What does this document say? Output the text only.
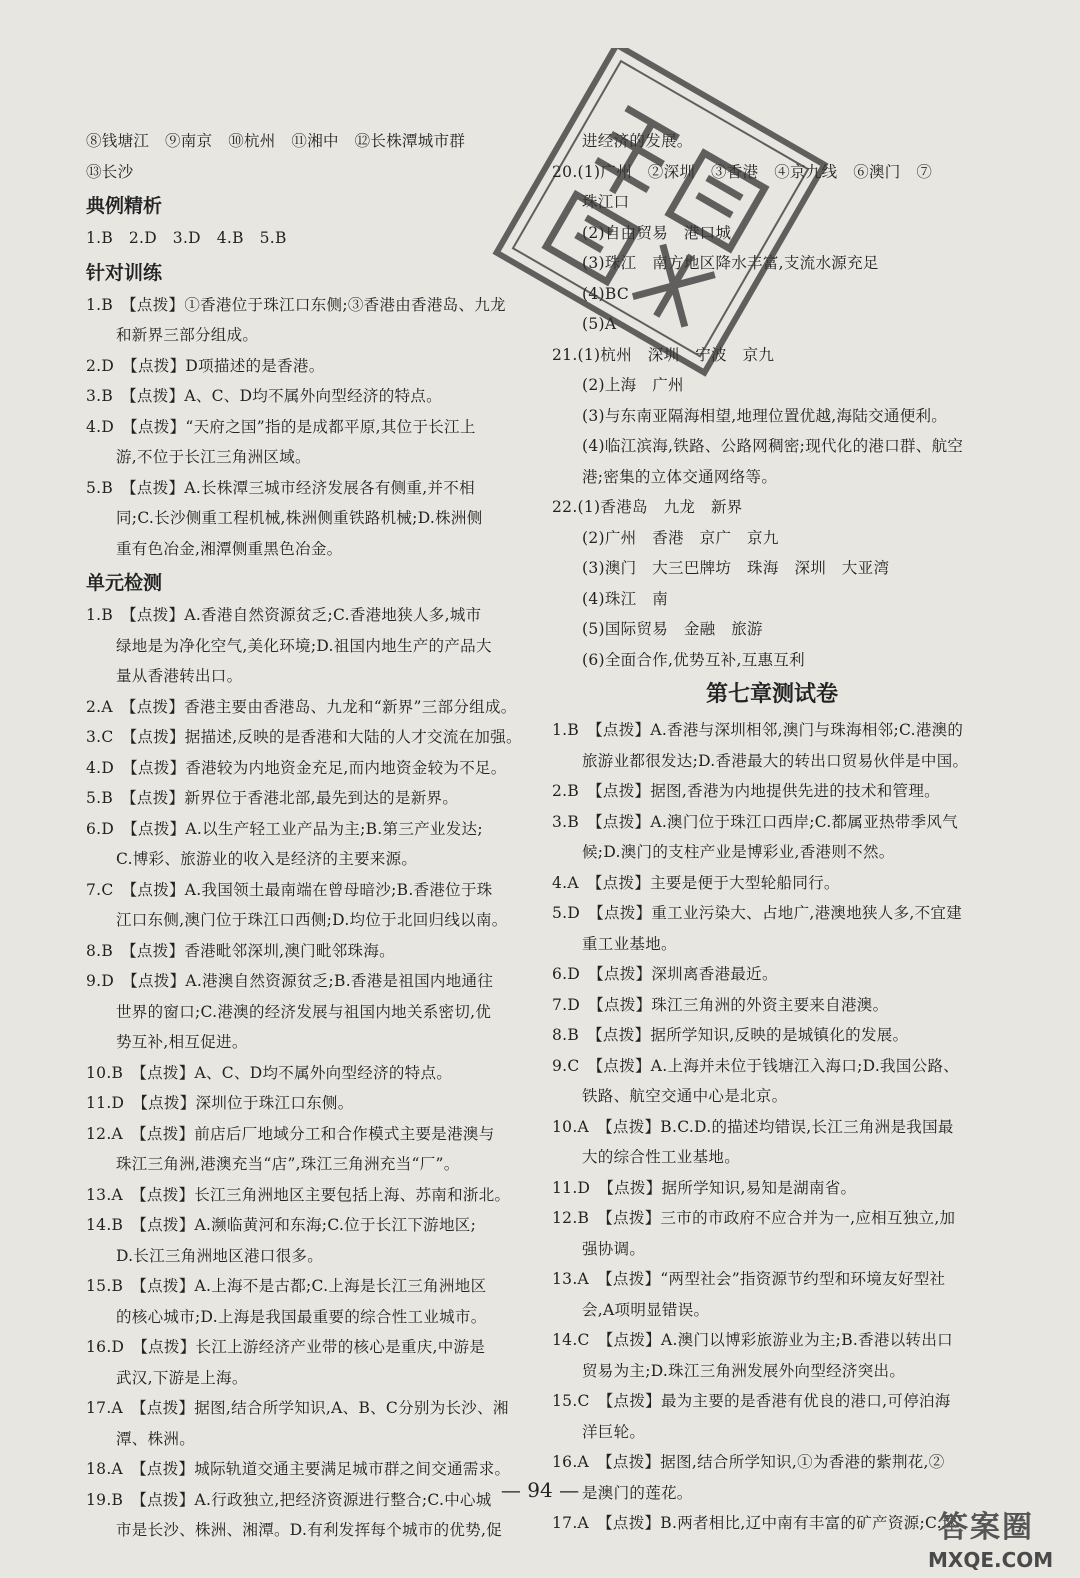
⑧钱塘江　⑨南京　⑩杭州　⑪湘中　⑫长株潭城市群
⑬长沙
典例精析
1.B　2.D　3.D　4.B　5.B
针对训练
1.B　【点拨】①香港位于珠江口东侧;③香港由香港岛、九龙
和新界三部分组成。
2.D　【点拨】D项描述的是香港。
3.B　【点拨】A、C、D均不属外向型经济的特点。
4.D　【点拨】“天府之国”指的是成都平原,其位于长江上
游,不位于长江三角洲区域。
5.B　【点拨】A.长株潭三城市经济发展各有侧重,并不相
同;C.长沙侧重工程机械,株洲侧重铁路机械;D.株洲侧
重有色冶金,湘潭侧重黑色冶金。
单元检测
1.B　【点拨】A.香港自然资源贫乏;C.香港地狭人多,城市
绿地是为净化空气,美化环境;D.祖国内地生产的产品大
量从香港转出口。
2.A　【点拨】香港主要由香港岛、九龙和“新界”三部分组成。
3.C　【点拨】据描述,反映的是香港和大陆的人才交流在加强。
4.D　【点拨】香港较为内地资金充足,而内地资金较为不足。
5.B　【点拨】新界位于香港北部,最先到达的是新界。
6.D　【点拨】A.以生产轻工业产品为主;B.第三产业发达;
C.博彩、旅游业的收入是经济的主要来源。
7.C　【点拨】A.我国领土最南端在曾母暗沙;B.香港位于珠
江口东侧,澳门位于珠江口西侧;D.均位于北回归线以南。
8.B　【点拨】香港毗邻深圳,澳门毗邻珠海。
9.D　【点拨】A.港澳自然资源贫乏;B.香港是祖国内地通往
世界的窗口;C.港澳的经济发展与祖国内地关系密切,优
势互补,相互促进。
10.B　【点拨】A、C、D均不属外向型经济的特点。
11.D　【点拨】深圳位于珠江口东侧。
12.A　【点拨】前店后厂地域分工和合作模式主要是港澳与
珠江三角洲,港澳充当“店”,珠江三角洲充当“厂”。
13.A　【点拨】长江三角洲地区主要包括上海、苏南和浙北。
14.B　【点拨】A.濒临黄河和东海;C.位于长江下游地区;
D.长江三角洲地区港口很多。
15.B　【点拨】A.上海不是古都;C.上海是长江三角洲地区
的核心城市;D.上海是我国最重要的综合性工业城市。
16.D　【点拨】长江上游经济产业带的核心是重庆,中游是
武汉,下游是上海。
17.A　【点拨】据图,结合所学知识,A、B、C分别为长沙、湘
潭、株洲。
18.A　【点拨】城际轨道交通主要满足城市群之间交通需求。
19.B　【点拨】A.行政独立,把经济资源进行整合;C.中心城
市是长沙、株洲、湘潭。D.有利发挥每个城市的优势,促
进经济的发展。
20.(1)广州　②深圳　③香港　④京九线　⑥澳门　⑦
珠江口
(2)自由贸易　港口城
(3)珠江　南方地区降水丰富,支流水源充足
(4)BC
(5)A
21.(1)杭州　深圳　宁波　京九
(2)上海　广州
(3)与东南亚隔海相望,地理位置优越,海陆交通便利。
(4)临江滨海,铁路、公路网稠密;现代化的港口群、航空
港;密集的立体交通网络等。
22.(1)香港岛　九龙　新界
(2)广州　香港　京广　京九
(3)澳门　大三巴牌坊　珠海　深圳　大亚湾
(4)珠江　南
(5)国际贸易　金融　旅游
(6)全面合作,优势互补,互惠互利
第七章测试卷
1.B　【点拨】A.香港与深圳相邻,澳门与珠海相邻;C.港澳的
旅游业都很发达;D.香港最大的转出口贸易伙伴是中国。
2.B　【点拨】据图,香港为内地提供先进的技术和管理。
3.B　【点拨】A.澳门位于珠江口西岸;C.都属亚热带季风气
候;D.澳门的支柱产业是博彩业,香港则不然。
4.A　【点拨】主要是便于大型轮船同行。
5.D　【点拨】重工业污染大、占地广,港澳地狭人多,不宜建
重工业基地。
6.D　【点拨】深圳离香港最近。
7.D　【点拨】珠江三角洲的外资主要来自港澳。
8.B　【点拨】据所学知识,反映的是城镇化的发展。
9.C　【点拨】A.上海并未位于钱塘江入海口;D.我国公路、
铁路、航空交通中心是北京。
10.A　【点拨】B.C.D.的描述均错误,长江三角洲是我国最
大的综合性工业基地。
11.D　【点拨】据所学知识,易知是湖南省。
12.B　【点拨】三市的市政府不应合并为一,应相互独立,加
强协调。
13.A　【点拨】“两型社会”指资源节约型和环境友好型社
会,A项明显错误。
14.C　【点拨】A.澳门以博彩旅游业为主;B.香港以转出口
贸易为主;D.珠江三角洲发展外向型经济突出。
15.C　【点拨】最为主要的是香港有优良的港口,可停泊海
洋巨轮。
16.A　【点拨】据图,结合所学知识,①为香港的紫荆花,②
是澳门的莲花。
17.A　【点拨】B.两者相比,辽中南有丰富的矿产资源;C.珠
— 94 —
答案圈
MXQE.COM
